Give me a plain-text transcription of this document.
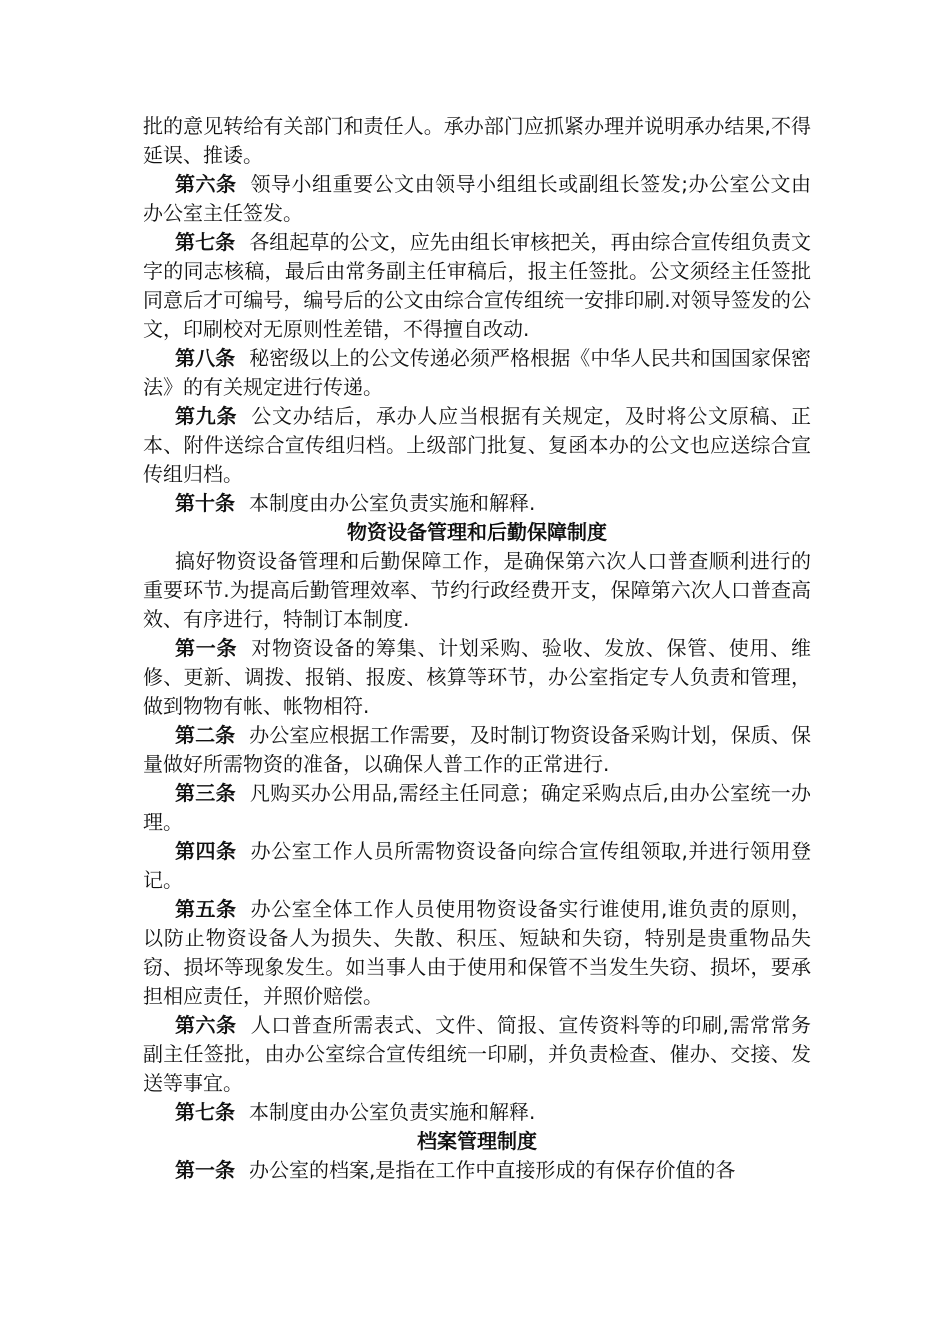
批的意见转给有关部门和责任人。承办部门应抓紧办理并说明承办结果,不得延误、推诿。

第六条 领导小组重要公文由领导小组组长或副组长签发;办公室公文由办公室主任签发。

第七条 各组起草的公文，应先由组长审核把关，再由综合宣传组负责文字的同志核稿，最后由常务副主任审稿后，报主任签批。公文须经主任签批同意后才可编号，编号后的公文由综合宣传组统一安排印刷.对领导签发的公文，印刷校对无原则性差错，不得擅自改动.

第八条 秘密级以上的公文传递必须严格根据《中华人民共和国国家保密法》的有关规定进行传递。

第九条 公文办结后，承办人应当根据有关规定，及时将公文原稿、正本、附件送综合宣传组归档。上级部门批复、复函本办的公文也应送综合宣传组归档。

第十条 本制度由办公室负责实施和解释.

物资设备管理和后勤保障制度

搞好物资设备管理和后勤保障工作，是确保第六次人口普查顺利进行的重要环节.为提高后勤管理效率、节约行政经费开支，保障第六次人口普查高效、有序进行，特制订本制度.

第一条 对物资设备的筹集、计划采购、验收、发放、保管、使用、维修、更新、调拨、报销、报废、核算等环节，办公室指定专人负责和管理，做到物物有帐、帐物相符.

第二条 办公室应根据工作需要，及时制订物资设备采购计划，保质、保量做好所需物资的准备，以确保人普工作的正常进行.

第三条 凡购买办公用品,需经主任同意；确定采购点后,由办公室统一办理。

第四条 办公室工作人员所需物资设备向综合宣传组领取,并进行领用登记。

第五条 办公室全体工作人员使用物资设备实行谁使用,谁负责的原则，以防止物资设备人为损失、失散、积压、短缺和失窃，特别是贵重物品失窃、损坏等现象发生。如当事人由于使用和保管不当发生失窃、损坏，要承担相应责任，并照价赔偿。

第六条 人口普查所需表式、文件、简报、宣传资料等的印刷,需常常务副主任签批，由办公室综合宣传组统一印刷，并负责检查、催办、交接、发送等事宜。

第七条 本制度由办公室负责实施和解释.

档案管理制度

第一条 办公室的档案,是指在工作中直接形成的有保存价值的各
